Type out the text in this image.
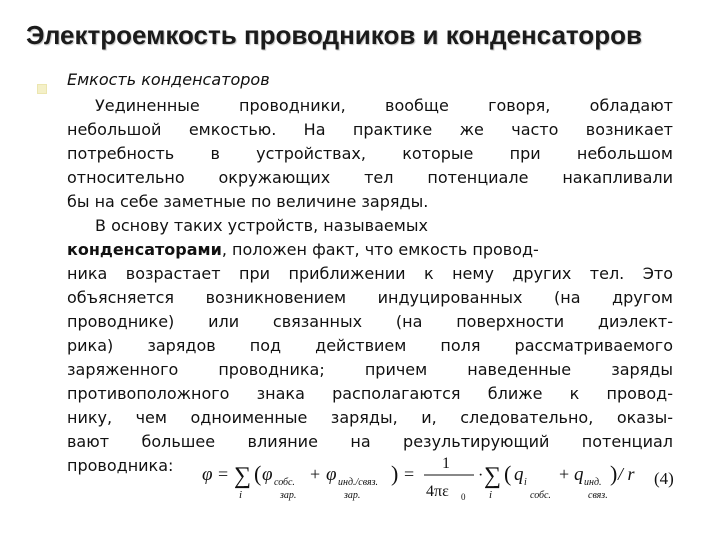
Электроемкость проводников и конденсаторов
Емкость конденсаторов
Уединенные проводники, вообще говоря, обладают
небольшой емкостью. На практике же часто возникает
потребность в устройствах, которые при небольшом
относительно окружающих тел потенциале накапливали
бы на себе заметные по величине заряды.
В основу таких устройств, называемых
конденсаторами, положен факт, что емкость провод-
ника возрастает при приближении к нему других тел. Это
объясняется возникновением индуцированных (на другом
проводнике) или связанных (на поверхности диэлект-
рика) зарядов под действием поля рассматриваемого
заряженного проводника; причем наведенные заряды
противоположного знака располагаются ближе к провод-
нику, чем одноименные заряды, и, следовательно, оказы-
вают большее влияние на результирующий потенциал
проводника:	φ = ∑
i
( φ собс.
зар.
+ φ инд./связ.
зар.
) =
1
4πε 0
· ∑
i
( q i
собс.
+ q инд.
связ.
) / r (4)
